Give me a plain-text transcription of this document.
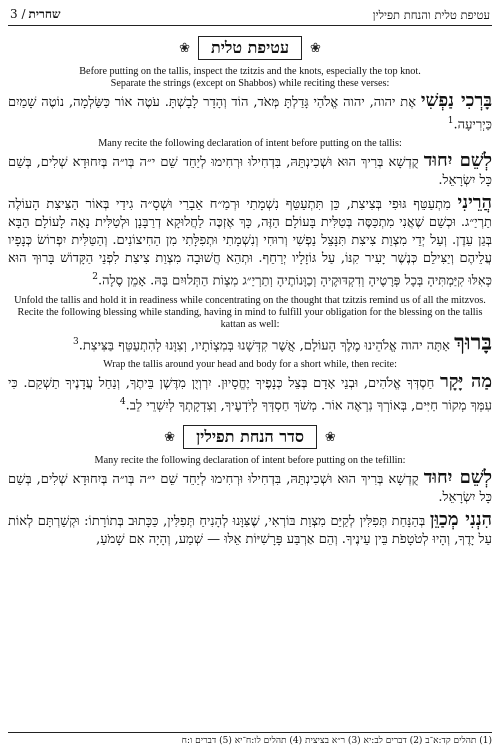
3 / שחרית	עטיפת טלית והנחת תפילין
❀	עטיפת טלית	❀

Before putting on the tallis, inspect the tzitzis and the knots, especially the top knot.

Separate the strings (except on Shabbos) while reciting these verses:

בָּרְכִי נַפְשִׁי אֶת יהוה, יהוה אֱלֹהַי גָּדַלְתָּ מְּאֹד, הוֹד וְהָדָר לָבָשְׁתָּ. עֹטֶה אוֹר כַּשַּׂלְמָה, נוֹטֶה שָׁמַיִם כַּיְרִיעָה.$^1$

Many recite the following declaration of intent before putting on the tallis:

לְשֵׁם יִחוּד קֻדְשָׁא בְּרִיךְ הוּא וּשְׁכִינְתֵּהּ, בִּדְחִילוּ וּרְחִימוּ לְיַחֵד שֵׁם י״ה בְּו״ה בְּיִחוּדָא שְׁלִים, בְּשֵׁם כָּל יִשְׂרָאֵל.

הֲרֵינִי מִתְעַטֵּף גּוּפִי בְּצִיצִת, כֵּן תִּתְעַטֵּף נִשְׁמָתִי וּרְמַ״ח אֵבָרַי וּשְׁסָ״ה גִידַי בְּאוֹר הַצִּיצִת הָעוֹלֶה תַרְיַ״ג. וּכְשֵׁם שֶׁאֲנִי מִתְכַּסֶּה בְּטַלִּית בָּעוֹלָם הַזֶּה, כָּךְ אֶזְכֶּה לַחֲלוּקָא דְרַבָּנָן וּלְטַלִּית נָאָה לָעוֹלָם הַבָּא בְּגַן עֵדֶן. וְעַל יְדֵי מִצְוַת צִיצִת תִּנָּצֵל נַפְשִׁי וְרוּחִי וְנִשְׁמָתִי וּתְפִלָּתִי מִן הַחִיצוֹנִים. וְהַטַּלִּית יִפְרוֹשׂ כְּנָפָיו עֲלֵיהֶם וְיַצִּילֵם כְּנֶשֶׁר יָעִיר קִנּוֹ, עַל גּוֹזָלָיו יְרַחֵף. וּתְהֵא חֲשׁוּבָה מִצְוַת צִיצִת לִפְנֵי הַקָּדוֹשׁ בָּרוּךְ הוּא כְּאִלּוּ קִיַּמְתִּיהָ בְּכָל פְּרָטֶיהָ וְדִקְדּוּקֶיהָ וְכַוָּנוֹתֶיהָ וְתַרְיַ״ג מִצְוֹת הַתְּלוּיִם בָּהּ. אָמֵן סֶלָה.$^2$

Unfold the tallis and hold it in readiness while concentrating on the thought that tzitzis remind us of all the mitzvos. Recite the following blessing while standing, having in mind to fulfill your obligation for the blessing on the tallis kattan as well:

בָּרוּךְ אַתָּה יהוה אֱלֹהֵינוּ מֶלֶךְ הָעוֹלָם, אֲשֶׁר קִדְּשָׁנוּ בְּמִצְוֹתָיו, וְצִוָּנוּ לְהִתְעַטֵּף בַּצִּיצִת.$^3$

Wrap the tallis around your head and body for a short while, then recite:

מַה יָּקָר חַסְדְּךָ אֱלֹהִים, וּבְנֵי אָדָם בְּצֵל כְּנָפֶיךָ יֶחֱסָיוּן. יִרְוְיֻן מִדֶּשֶׁן בֵּיתֶךָ, וְנַחַל עֲדָנֶיךָ תַשְׁקֵם. כִּי עִמְּךָ מְקוֹר חַיִּים, בְּאוֹרְךָ נִרְאֶה אוֹר. מְשֹׁךְ חַסְדְּךָ לְיֹדְעֶיךָ, וְצִדְקָתְךָ לְיִשְׁרֵי לֵב.$^4$

❀	סדר הנחת תפילין	❀

Many recite the following declaration of intent before putting on the tefillin:

לְשֵׁם יִחוּד קֻדְשָׁא בְּרִיךְ הוּא וּשְׁכִינְתֵּהּ, בִּדְחִילוּ וּרְחִימוּ לְיַחֵד שֵׁם י״ה בְּו״ה בְּיִחוּדָא שְׁלִים, בְּשֵׁם כָּל יִשְׂרָאֵל.

הִנְנִי מְכַוֵּן בְּהַנָּחַת תְּפִלִּין לְקַיֵּם מִצְוַת בּוֹרְאִי, שֶׁצִּוָּנוּ לְהָנִיחַ תְּפִלִּין, כַּכָּתוּב בְּתוֹרָתוֹ: וּקְשַׁרְתָּם לְאוֹת עַל יָדֶךָ, וְהָיוּ לְטֹטָפֹת בֵּין עֵינֶיךָ. וְהֵם אַרְבַּע פָּרָשִׁיּוֹת אֵלּוּ — שְׁמַע, וְהָיָה אִם שָׁמֹעַ,

(1) תהלים קד:א־ב (2) דברים לב:יא (3) ר״א בציצית (4) תהלים לו:ח־יא (5) דברים ו:ח
